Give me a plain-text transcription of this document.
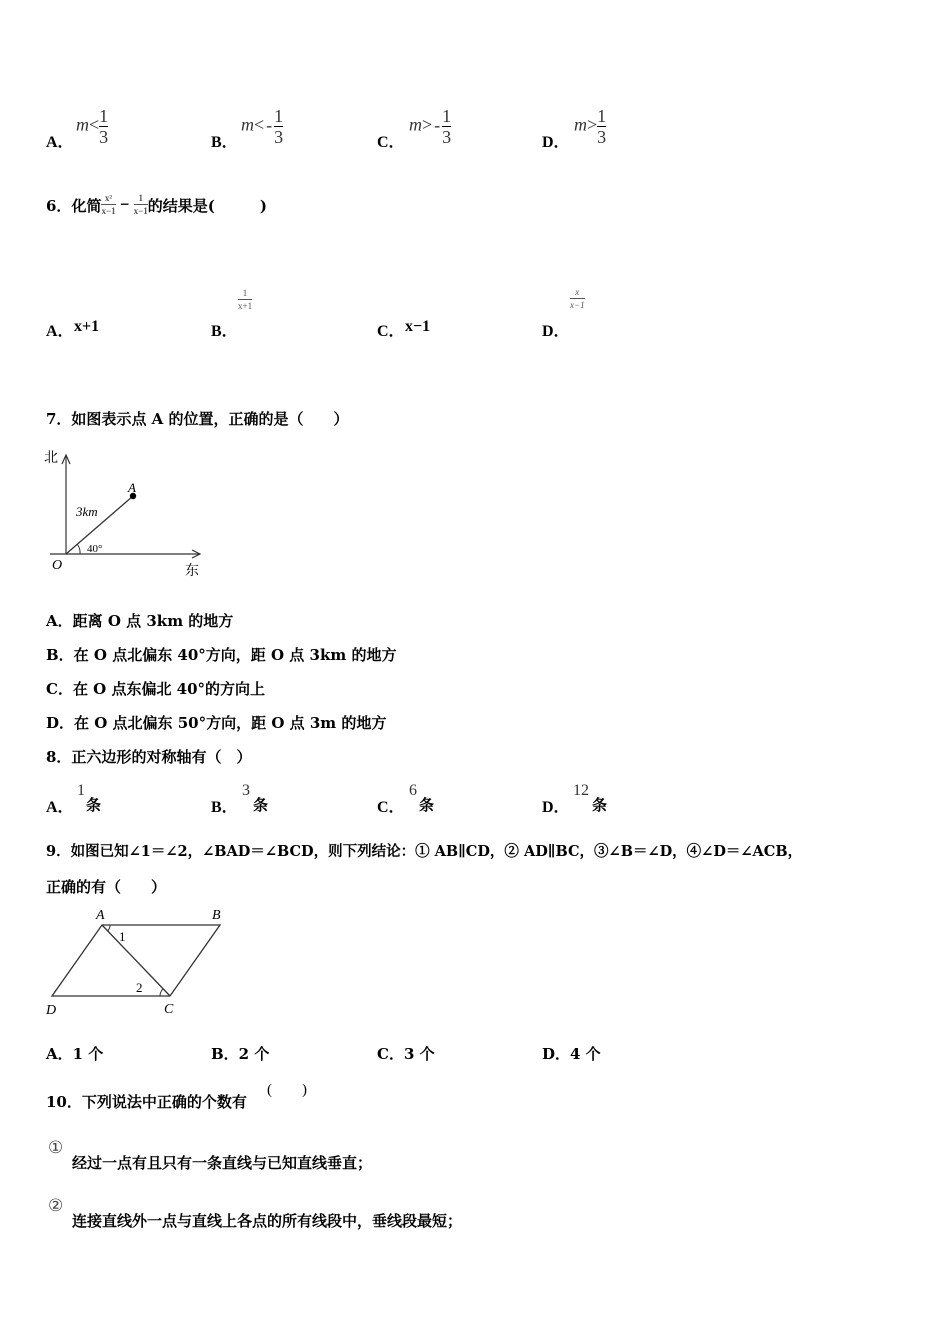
A．
$m< \frac{1}{3}$	B．
$m< - \frac{1}{3}$	C．
$m> - \frac{1}{3}$	D．
$m> \frac{1}{3}$
6．化简 $\frac{\text{x²}}{x-1} - \frac{1}{x-1}$ 的结果是(　　　)
A． x+1	B．
1
x+1
C． x−1	D．
x
x−1
7．如图表示点 A 的位置，正确的是（　　）
北
东
O
A
3km
40°
A．距离 O 点 3km 的地方
B．在 O 点北偏东 40°方向，距 O 点 3km 的地方
C．在 O 点东偏北 40°的方向上
D．在 O 点北偏东 50°方向，距 O 点 3m 的地方
8．正六边形的对称轴有（　）
A．
1
条	B．
3
条	C．
6
条	D．
12
条
9．如图已知∠1＝∠2，∠BAD＝∠BCD，则下列结论：① AB∥CD，② AD∥BC，③∠B＝∠D，④∠D＝∠ACB，
正确的有（　　）
A	B
C
D
1
2
A．1 个	B．2 个	C．3 个	D．4 个
10．下列说法中正确的个数有
(　　)
①
经过一点有且只有一条直线与已知直线垂直；
②
连接直线外一点与直线上各点的所有线段中，垂线段最短；
